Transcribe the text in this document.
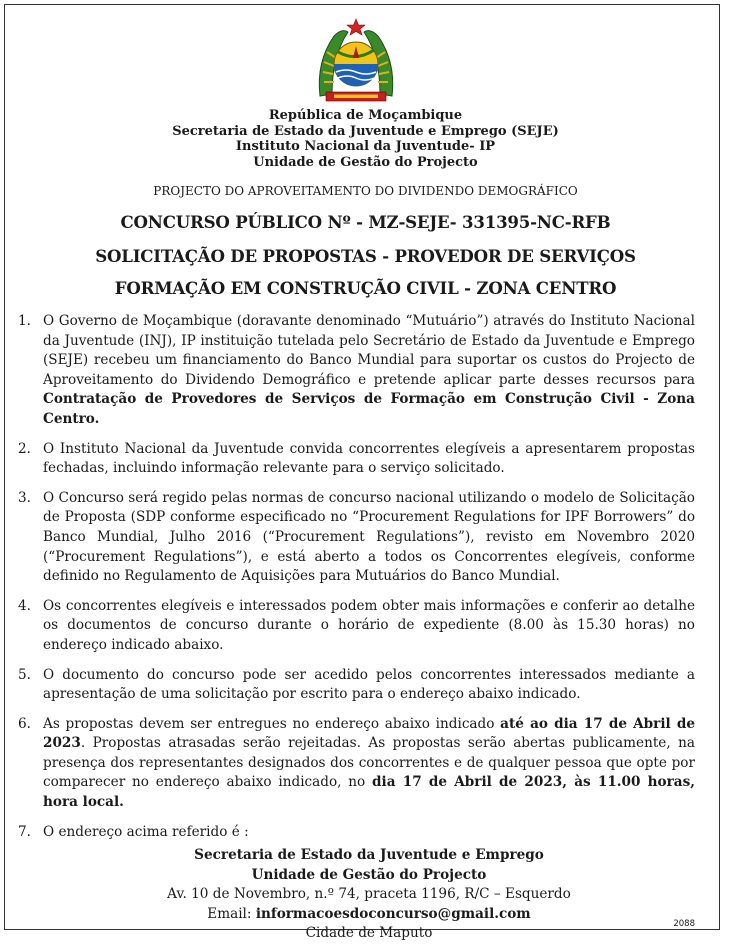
República de Moçambique
Secretaria de Estado da Juventude e Emprego (SEJE)
Instituto Nacional da Juventude- IP
Unidade de Gestão do Projecto
PROJECTO DO APROVEITAMENTO DO DIVIDENDO DEMOGRÁFICO
CONCURSO PÚBLICO Nº - MZ-SEJE- 331395-NC-RFB
SOLICITAÇÃO DE PROPOSTAS - PROVEDOR DE SERVIÇOS
FORMAÇÃO EM CONSTRUÇÃO CIVIL - ZONA CENTRO
1. O Governo de Moçambique (doravante denominado “Mutuário”) através do Instituto Nacional da Juventude (INJ), IP instituição tutelada pelo Secretário de Estado da Juventude e Emprego (SEJE) recebeu um financiamento do Banco Mundial para suportar os custos do Projecto de Aproveitamento do Dividendo Demográfico e pretende aplicar parte desses recursos para Contratação de Provedores de Serviços de Formação em Construção Civil - Zona Centro.
2. O Instituto Nacional da Juventude convida concorrentes elegíveis a apresentarem propostas fechadas, incluindo informação relevante para o serviço solicitado.
3. O Concurso será regido pelas normas de concurso nacional utilizando o modelo de Solicitação de Proposta (SDP conforme especificado no “Procurement Regulations for IPF Borrowers” do Banco Mundial, Julho 2016 (“Procurement Regulations”), revisto em Novembro 2020 (“Procurement Regulations”), e está aberto a todos os Concorrentes elegíveis, conforme definido no Regulamento de Aquisições para Mutuários do Banco Mundial.
4. Os concorrentes elegíveis e interessados podem obter mais informações e conferir ao detalhe os documentos de concurso durante o horário de expediente (8.00 às 15.30 horas) no endereço indicado abaixo.
5. O documento do concurso pode ser acedido pelos concorrentes interessados mediante a apresentação de uma solicitação por escrito para o endereço abaixo indicado.
6. As propostas devem ser entregues no endereço abaixo indicado até ao dia 17 de Abril de 2023. Propostas atrasadas serão rejeitadas. As propostas serão abertas publicamente, na presença dos representantes designados dos concorrentes e de qualquer pessoa que opte por comparecer no endereço abaixo indicado, no dia 17 de Abril de 2023, às 11.00 horas, hora local.
7. O endereço acima referido é :
Secretaria de Estado da Juventude e Emprego
Unidade de Gestão do Projecto
Av. 10 de Novembro, n.º 74, praceta 1196, R/C – Esquerdo
Email: informacoesdoconcurso@gmail.com
Cidade de Maputo
2088
